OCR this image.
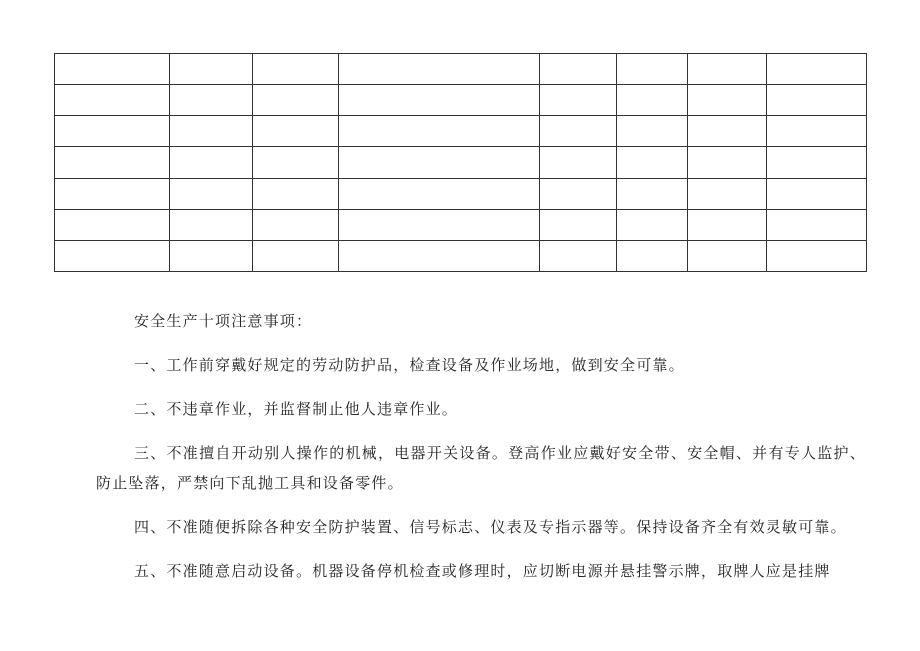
安全生产十项注意事项：

一、工作前穿戴好规定的劳动防护品，检查设备及作业场地，做到安全可靠。

二、不违章作业，并监督制止他人违章作业。

三、不准擅自开动别人操作的机械，电器开关设备。登高作业应戴好安全带、安全帽、并有专人监护、防止坠落，严禁向下乱抛工具和设备零件。

四、不准随便拆除各种安全防护装置、信号标志、仪表及专指示器等。保持设备齐全有效灵敏可靠。

五、不准随意启动设备。机器设备停机检查或修理时，应切断电源并悬挂警示牌，取牌人应是挂牌
